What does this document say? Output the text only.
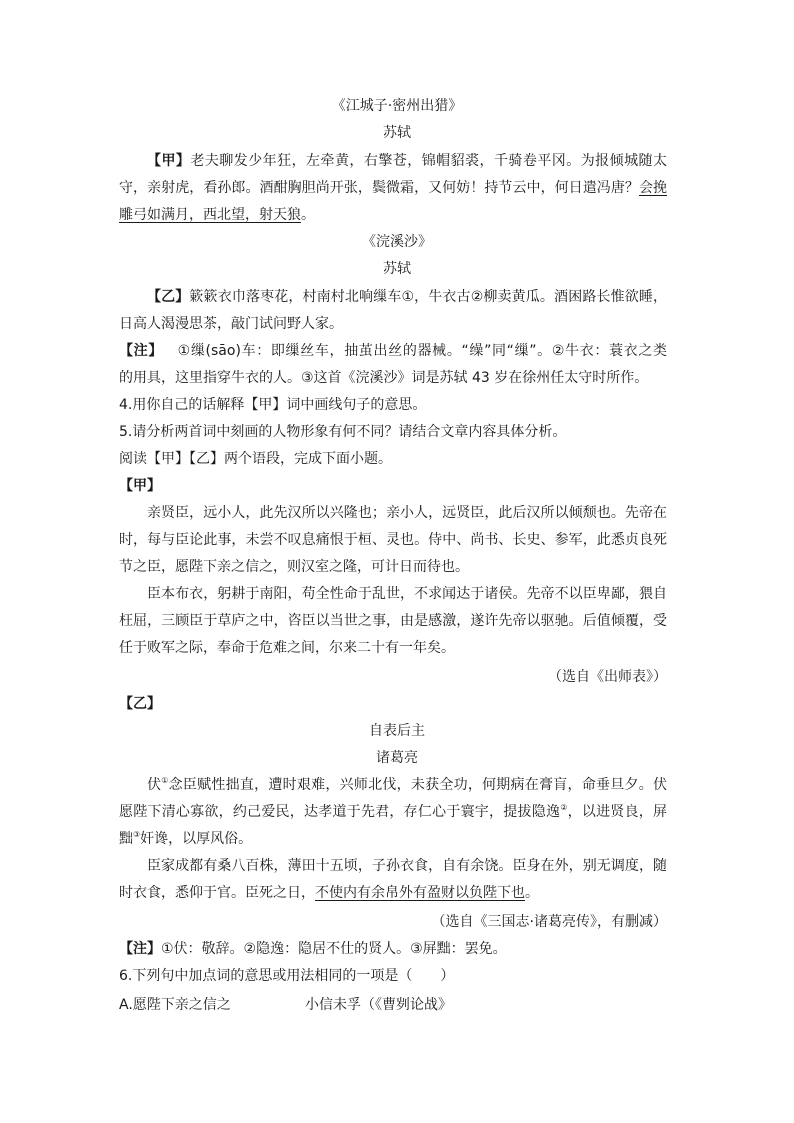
《江城子·密州出猎》
苏轼
【甲】老夫聊发少年狂，左牵黄，右擎苍，锦帽貂裘，千骑卷平冈。为报倾城随太
守，亲射虎，看孙郎。酒酣胸胆尚开张，鬓微霜，又何妨！持节云中，何日遣冯唐？会挽
雕弓如满月，西北望，射天狼。
《浣溪沙》
苏轼
【乙】簌簌衣巾落枣花，村南村北响缫车①，牛衣古②柳卖黄瓜。酒困路长惟欲睡，
日高人渴漫思茶，敲门试问野人家。
【注】 ①缫(sāo)车：即缫丝车，抽茧出丝的器械。“缲”同“缫”。②牛衣：蓑衣之类
的用具，这里指穿牛衣的人。③这首《浣溪沙》词是苏轼 43 岁在徐州任太守时所作。
4.用你自己的话解释【甲】词中画线句子的意思。
5.请分析两首词中刻画的人物形象有何不同？请结合文章内容具体分析。
阅读【甲】【乙】两个语段，完成下面小题。
【甲】
亲贤臣，远小人，此先汉所以兴隆也；亲小人，远贤臣，此后汉所以倾颓也。先帝在
时，每与臣论此事，未尝不叹息痛恨于桓、灵也。侍中、尚书、长史、参军，此悉贞良死
节之臣，愿陛下亲之信之，则汉室之隆，可计日而待也。
臣本布衣，躬耕于南阳，苟全性命于乱世，不求闻达于诸侯。先帝不以臣卑鄙，猥自
枉屈，三顾臣于草庐之中，咨臣以当世之事，由是感激，遂许先帝以驱驰。后值倾覆，受
任于败军之际，奉命于危难之间，尔来二十有一年矣。
（选自《出师表》）
【乙】
自表后主
诸葛亮
伏①念臣赋性拙直，遭时艰难，兴师北伐，未获全功，何期病在膏肓，命垂旦夕。伏
愿陛下清心寡欲，约己爱民，达孝道于先君，存仁心于寰宇，提拔隐逸②，以进贤良，屏
黜③奸谗，以厚风俗。
臣家成都有桑八百株，薄田十五顷，子孙衣食，自有余饶。臣身在外，别无调度，随
时衣食，悉仰于官。臣死之日，不使内有余帛外有盈财以负陛下也。
（选自《三国志·诸葛亮传》，有删减）
【注】①伏：敬辞。②隐逸：隐居不仕的贤人。③屏黜：罢免。
6.下列句中加点词的意思或用法相同的一项是（　　）
A.愿陛下亲之信之	小信未孚（《曹刿论战》
